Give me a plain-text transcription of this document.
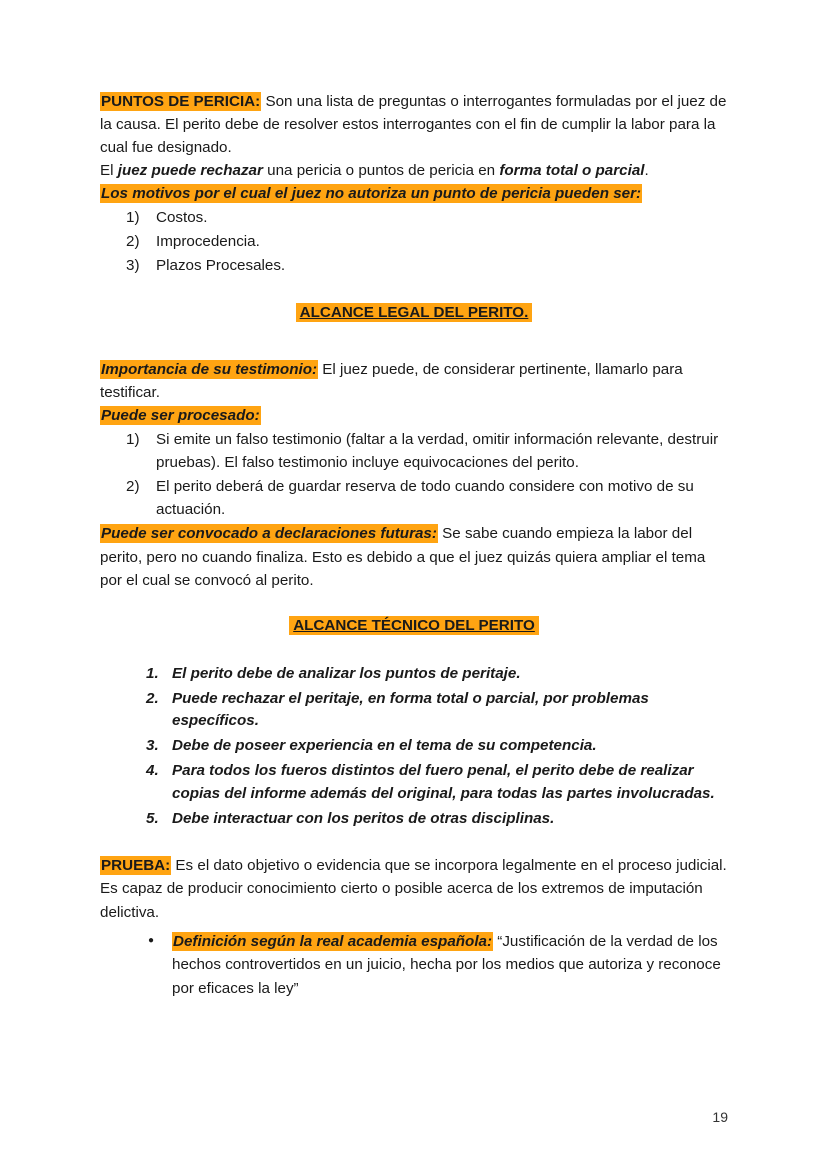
PUNTOS DE PERICIA: Son una lista de preguntas o interrogantes formuladas por el juez de la causa. El perito debe de resolver estos interrogantes con el fin de cumplir la labor para la cual fue designado.

El juez puede rechazar una pericia o puntos de pericia en forma total o parcial.

Los motivos por el cual el juez no autoriza un punto de pericia pueden ser:

Costos.
Improcedencia.
Plazos Procesales.

ALCANCE LEGAL DEL PERITO.

Importancia de su testimonio: El juez puede, de considerar pertinente, llamarlo para testificar.

Puede ser procesado:

Si emite un falso testimonio (faltar a la verdad, omitir información relevante, destruir pruebas). El falso testimonio incluye equivocaciones del perito.
El perito deberá de guardar reserva de todo cuando considere con motivo de su actuación.

Puede ser convocado a declaraciones futuras: Se sabe cuando empieza la labor del perito, pero no cuando finaliza. Esto es debido a que el juez quizás quiera ampliar el tema por el cual se convocó al perito.

ALCANCE TÉCNICO DEL PERITO

El perito debe de analizar los puntos de peritaje.
Puede rechazar el peritaje, en forma total o parcial, por problemas específicos.
Debe de poseer experiencia en el tema de su competencia.
Para todos los fueros distintos del fuero penal, el perito debe de realizar copias del informe además del original, para todas las partes involucradas.
Debe interactuar con los peritos de otras disciplinas.

PRUEBA: Es el dato objetivo o evidencia que se incorpora legalmente en el proceso judicial. Es capaz de producir conocimiento cierto o posible acerca de los extremos de imputación delictiva.

● Definición según la real academia española: “Justificación de la verdad de los hechos controvertidos en un juicio, hecha por los medios que autoriza y reconoce por eficaces la ley”
19
